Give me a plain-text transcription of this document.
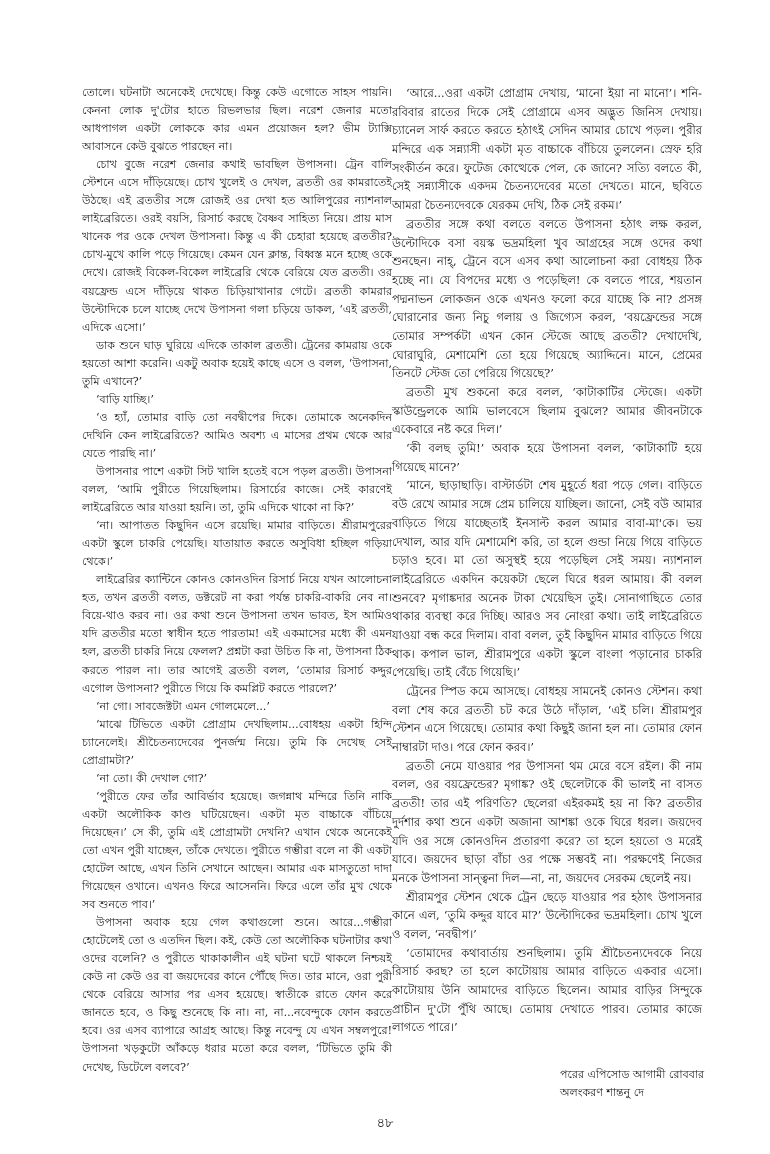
তোলে। ঘটনাটা অনেকেই দেখেছে। কিন্তু কেউ এগোতে সাহস পায়নি। কেননা লোক দু'টোর হাতে রিভলভার ছিল। নরেশ জেনার মতো আধপাগল একটা লোককে কার এমন প্রয়োজন হল? ভীম ট্যাক্সি আবাসনে কেউ বুঝতে পারছেন না।

চোখ বুজে নরেশ জেনার কথাই ভাবছিল উপাসনা। ট্রেন বালি স্টেশনে এসে দাঁড়িয়েছে। চোখ খুলেই ও দেখল, ব্রততী ওর কামরাতেই উঠছে। এই ব্রততীর সঙ্গে রোজই ওর দেখা হত আলিপুরের ন্যাশনাল লাইব্রেরিতে। ওরই বয়সি, রিসার্চ করছে বৈষ্ণব সাহিত্য নিয়ে। প্রায় মাস খানেক পর ওকে দেখল উপাসনা। কিন্তু এ কী চেহারা হয়েছে ব্রততীর? চোখ-মুখে কালি পড়ে গিয়েছে। কেমন যেন ক্লান্ত, বিধ্বস্ত মনে হচ্ছে ওকে দেখে। রোজই বিকেল-বিকেল লাইব্রেরি থেকে বেরিয়ে যেত ব্রততী। ওর বয়ফ্রেন্ড এসে দাঁড়িয়ে থাকত চিড়িয়াখানার গেটে। ব্রততী কামরার উল্টোদিকে চলে যাচ্ছে দেখে উপাসনা গলা চড়িয়ে ডাকল, ‘এই ব্রততী, এদিকে এসো।’

ডাক শুনে ঘাড় ঘুরিয়ে এদিকে তাকাল ব্রততী। ট্রেনের কামরায় ওকে হয়তো আশা করেনি। একটু অবাক হয়েই কাছে এসে ও বলল, ‘উপাসনা, তুমি এখানে?’

‘বাড়ি যাচ্ছি।’

‘ও হ্যাঁ, তোমার বাড়ি তো নবদ্বীপের দিকে। তোমাকে অনেকদিন দেখিনি কেন লাইব্রেরিতে? আমিও অবশ্য এ মাসের প্রথম থেকে আর যেতে পারছি না।’

উপাসনার পাশে একটা সিট খালি হতেই বসে পড়ল ব্রততী। উপাসনা বলল, ‘আমি পুরীতে গিয়েছিলাম। রিসার্চের কাজে। সেই কারণেই লাইব্রেরিতে আর যাওয়া হয়নি। তা, তুমি এদিকে থাকো না কি?’

‘না। আপাতত কিছুদিন এসে রয়েছি। মামার বাড়িতে। শ্রীরামপুরের একটা স্কুলে চাকরি পেয়েছি। যাতায়াত করতে অসুবিধা হচ্ছিল গড়িয়া থেকে।’

লাইব্রেরির ক্যান্টিনে কোনও কোনওদিন রিসার্চ নিয়ে যখন আলোচনা হত, তখন ব্রততী বলত, ডক্টরেট না করা পর্যন্ত চাকরি-বাকরি নেব না। বিয়ে-থাও করব না। ওর কথা শুনে উপাসনা তখন ভাবত, ইস আমিও যদি ব্রততীর মতো স্বাধীন হতে পারতাম! এই একমাসের মধ্যে কী এমন হল, ব্রততী চাকরি নিয়ে ফেলল? প্রশ্নটা করা উচিত কি না, উপাসনা ঠিক করতে পারল না। তার আগেই ব্রততী বলল, ‘তোমার রিসার্চ কদ্দুর এগোল উপাসনা? পুরীতে গিয়ে কি কমপ্লিট করতে পারলে?’

‘না গো। সাবজেক্টটা এমন গোলমেলে...’

‘মাঝে টিভিতে একটা প্রোগ্রাম দেখছিলাম...বোধহয় একটা হিন্দি চ্যানেলেই। শ্রীচৈতন্যদেবের পুনর্জন্ম নিয়ে। তুমি কি দেখেছ সেই প্রোগ্রামটা?’

‘না তো। কী দেখাল গো?’

‘পুরীতে ফের তাঁর আবির্ভাব হয়েছে। জগন্নাথ মন্দিরে তিনি নাকি একটা অলৌকিক কাণ্ড ঘটিয়েছেন। একটা মৃত বাচ্চাকে বাঁচিয়ে দিয়েছেন।’ সে কী, তুমি এই প্রোগ্রামটা দেখনি? এখান থেকে অনেকেই তো এখন পুরী যাচ্ছেন, তাঁকে দেখতে। পুরীতে গম্ভীরা বলে না কী একটা হোটেল আছে, এখন তিনি সেখানে আছেন। আমার এক মাসতুতো দাদা গিয়েছেন ওখানে। এখনও ফিরে আসেননি। ফিরে এলে তাঁর মুখ থেকে সব শুনতে পাব।’

উপাসনা অবাক হয়ে গেল কথাগুলো শুনে। আরে...গম্ভীরা হোটেলেই তো ও এতদিন ছিল। কই, কেউ তো অলৌকিক ঘটনাটার কথা ওদের বলেনি? ও পুরীতে থাকাকালীন এই ঘটনা ঘটে থাকলে নিশ্চয়ই কেউ না কেউ ওর বা জয়দেবের কানে পৌঁছে দিত। তার মানে, ওরা পুরী থেকে বেরিয়ে আসার পর এসব হয়েছে। স্বাতীকে রাতে ফোন করে জানতে হবে, ও কিছু শুনেছে কি না। না, না...নবেন্দুকে ফোন করতে হবে। ওর এসব ব্যাপারে আগ্রহ আছে। কিন্তু নবেন্দু যে এখন সম্বলপুরে! উপাসনা খড়কুটো আঁকড়ে ধরার মতো করে বলল, ‘টিভিতে তুমি কী দেখেছ, ডিটেলে বলবে?’

‘আরে...ওরা একটা প্রোগ্রাম দেখায়, ‘মানো ইয়া না মানো’। শনি-রবিবার রাতের দিকে সেই প্রোগ্রামে এসব অদ্ভুত জিনিস দেখায়। চ্যানেল সার্ফ করতে করতে হঠাৎই সেদিন আমার চোখে পড়ল। পুরীর মন্দিরে এক সন্ন্যাসী একটা মৃত বাচ্চাকে বাঁচিয়ে তুললেন। স্রেফ হরি সংকীর্তন করে। ফুটেজ কোত্থেকে পেল, কে জানে? সত্যি বলতে কী, সেই সন্ন্যাসীকে একদম চৈতন্যদেবের মতো দেখতে। মানে, ছবিতে আমরা চৈতন্যদেবকে যেরকম দেখি, ঠিক সেই রকম।’

ব্রততীর সঙ্গে কথা বলতে বলতে উপাসনা হঠাৎ লক্ষ করল, উল্টোদিকে বসা বয়স্ক ভদ্রমহিলা খুব আগ্রহের সঙ্গে ওদের কথা শুনছেন। নাহ্, ট্রেনে বসে এসব কথা আলোচনা করা বোধহয় ঠিক হচ্ছে না। যে বিপদের মধ্যে ও পড়েছিল! কে বলতে পারে, শয়তান পদ্মনাভন লোকজন ওকে এখনও ফলো করে যাচ্ছে কি না? প্রসঙ্গ ঘোরানোর জন্য নিচু গলায় ও জিগ্যেস করল, ‘বয়ফ্রেন্ডের সঙ্গে তোমার সম্পর্কটা এখন কোন স্টেজে আছে ব্রততী? দেখাদেখি, ঘোরাঘুরি, মেশামেশি তো হয়ে গিয়েছে অ্যাদ্দিনে। মানে, প্রেমের তিনটে স্টেজ তো পেরিয়ে গিয়েছে?’

ব্রততী মুখ শুকনো করে বলল, ‘কাটাকাটির স্টেজে। একটা স্কাউন্ড্রেলকে আমি ভালবেসে ছিলাম বুঝলে? আমার জীবনটাকে একেবারে নষ্ট করে দিল।’

‘কী বলছ তুমি!’ অবাক হয়ে উপাসনা বলল, ‘কাটাকাটি হয়ে গিয়েছে মানে?’

‘মানে, ছাড়াছাড়ি। বাস্টার্ডটা শেষ মুহূর্তে ধরা পড়ে গেল। বাড়িতে বউ রেখে আমার সঙ্গে প্রেম চালিয়ে যাচ্ছিল। জানো, সেই বউ আমার বাড়িতে গিয়ে যাচ্ছেতাই ইনসাল্ট করল আমার বাবা-মা'কে। ভয় দেখাল, আর যদি মেশামেশি করি, তা হলে গুন্ডা নিয়ে গিয়ে বাড়িতে চড়াও হবে। মা তো অসুস্থই হয়ে পড়েছিল সেই সময়। ন্যাশনাল লাইব্রেরিতে একদিন কয়েকটা ছেলে ঘিরে ধরল আমায়। কী বলল শুনবে? মৃগাঙ্কদার অনেক টাকা খেয়েছিস তুই। সোনাগাছিতে তোর থাকার ব্যবস্থা করে দিচ্ছি। আরও সব নোংরা কথা। তাই লাইব্রেরিতে যাওয়া বন্ধ করে দিলাম। বাবা বলল, তুই কিছুদিন মামার বাড়িতে গিয়ে থাক। কপাল ভাল, শ্রীরামপুরে একটা স্কুলে বাংলা পড়ানোর চাকরি পেয়েছি। তাই বেঁচে গিয়েছি।’

ট্রেনের স্পিড কমে আসছে। বোধহয় সামনেই কোনও স্টেশন। কথা বলা শেষ করে ব্রততী চট করে উঠে দাঁড়াল, ‘এই চলি। শ্রীরামপুর স্টেশন এসে গিয়েছে। তোমার কথা কিছুই জানা হল না। তোমার ফোন নাম্বারটা দাও। পরে ফোন করব।’

ব্রততী নেমে যাওয়ার পর উপাসনা থম মেরে বসে রইল। কী নাম বলল, ওর বয়ফ্রেন্ডের? মৃগাঙ্ক? ওই ছেলেটাকে কী ভালই না বাসত ব্রততী! তার এই পরিণতি? ছেলেরা এইরকমই হয় না কি? ব্রততীর দুর্দশার কথা শুনে একটা অজানা আশঙ্কা ওকে ঘিরে ধরল। জয়দেব যদি ওর সঙ্গে কোনওদিন প্রতারণা করে? তা হলে হয়তো ও মরেই যাবে। জয়দেব ছাড়া বাঁচা ওর পক্ষে সম্ভবই না। পরক্ষণেই নিজের মনকে উপাসনা সান্ত্বনা দিল—না, না, জয়দেব সেরকম ছেলেই নয়।

শ্রীরামপুর স্টেশন থেকে ট্রেন ছেড়ে যাওয়ার পর হঠাৎ উপাসনার কানে এল, ‘তুমি কদ্দুর যাবে মা?’ উল্টোদিকের ভদ্রমহিলা। চোখ খুলে ও বলল, ‘নবদ্বীপ।’

‘তোমাদের কথাবার্তায় শুনছিলাম। তুমি শ্রীচৈতন্যদেবকে নিয়ে রিসার্চ করছ? তা হলে কাটোয়ায় আমার বাড়িতে একবার এসো। কাটোয়ায় উনি আমাদের বাড়িতে ছিলেন। আমার বাড়ির সিন্দুকে প্রাচীন দু'টো পুঁথি আছে। তোমায় দেখাতে পারব। তোমার কাজে লাগতে পারে।’

পরের এপিসোড আগামী রোববার
অলংকরণ শান্তনু দে
৪৮
